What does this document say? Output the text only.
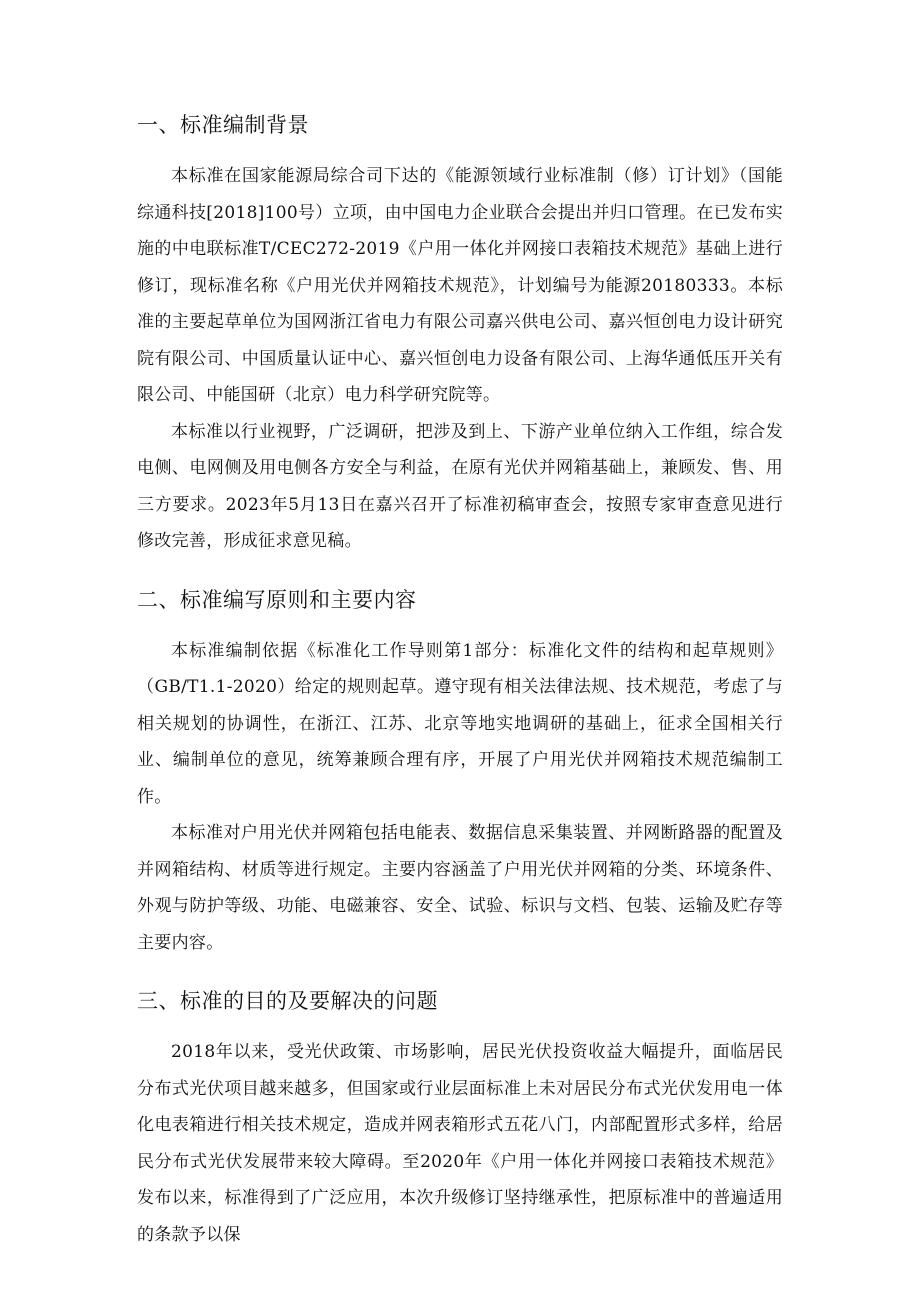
一、标准编制背景

本标准在国家能源局综合司下达的《能源领域行业标准制（修）订计划》（国能综通科技[2018]100号）立项，由中国电力企业联合会提出并归口管理。在已发布实施的中电联标准T/CEC272-2019《户用一体化并网接口表箱技术规范》基础上进行修订，现标准名称《户用光伏并网箱技术规范》，计划编号为能源20180333。本标准的主要起草单位为国网浙江省电力有限公司嘉兴供电公司、嘉兴恒创电力设计研究院有限公司、中国质量认证中心、嘉兴恒创电力设备有限公司、上海华通低压开关有限公司、中能国研（北京）电力科学研究院等。

本标准以行业视野，广泛调研，把涉及到上、下游产业单位纳入工作组，综合发电侧、电网侧及用电侧各方安全与利益，在原有光伏并网箱基础上，兼顾发、售、用三方要求。2023年5月13日在嘉兴召开了标准初稿审查会，按照专家审查意见进行修改完善，形成征求意见稿。

二、标准编写原则和主要内容

本标准编制依据《标准化工作导则第1部分：标准化文件的结构和起草规则》（GB/T1.1-2020）给定的规则起草。遵守现有相关法律法规、技术规范，考虑了与相关规划的协调性，在浙江、江苏、北京等地实地调研的基础上，征求全国相关行业、编制单位的意见，统筹兼顾合理有序，开展了户用光伏并网箱技术规范编制工作。

本标准对户用光伏并网箱包括电能表、数据信息采集装置、并网断路器的配置及并网箱结构、材质等进行规定。主要内容涵盖了户用光伏并网箱的分类、环境条件、外观与防护等级、功能、电磁兼容、安全、试验、标识与文档、包装、运输及贮存等主要内容。

三、标准的目的及要解决的问题

2018年以来，受光伏政策、市场影响，居民光伏投资收益大幅提升，面临居民分布式光伏项目越来越多，但国家或行业层面标准上未对居民分布式光伏发用电一体化电表箱进行相关技术规定，造成并网表箱形式五花八门，内部配置形式多样，给居民分布式光伏发展带来较大障碍。至2020年《户用一体化并网接口表箱技术规范》发布以来，标准得到了广泛应用，本次升级修订坚持继承性，把原标准中的普遍适用的条款予以保
